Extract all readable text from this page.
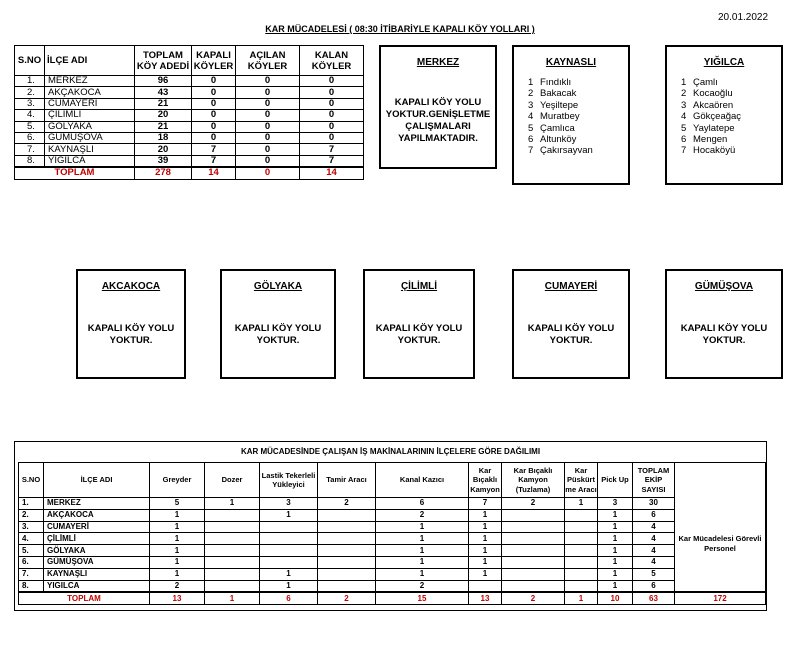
20.01.2022
KAR MÜCADELESİ ( 08:30 İTİBARİYLE KAPALI KÖY YOLLARI )
S.NO	İLÇE ADI	TOPLAM KÖY ADEDİ	KAPALI KÖYLER	AÇILAN KÖYLER	KALAN KÖYLER
1.	MERKEZ	96	0	0	0
2.	AKÇAKOCA	43	0	0	0
3.	CUMAYERİ	21	0	0	0
4.	ÇİLİMLİ	20	0	0	0
5.	GÖLYAKA	21	0	0	0
6.	GÜMÜŞOVA	18	0	0	0
7.	KAYNAŞLI	20	7	0	7
8.	YIGILCA	39	7	0	7
TOPLAM		278	14	0	14
MERKEZ
KAPALI KÖY YOLU YOKTUR.GENİŞLETME ÇALIŞMALARI YAPILMAKTADIR.
KAYNASLI
1 Fındıklı
2 Bakacak
3 Yeşiltepe
4 Muratbey
5 Çamlıca
6 Altunköy
7 Çakırsayvan
YIĞILCA
1 Çamlı
2 Kocaoğlu
3 Akcaören
4 Gökçeağaç
5 Yaylatepe
6 Mengen
7 Hocaköyü
AKCAKOCA
KAPALI KÖY YOLU YOKTUR.
GÖLYAKA
KAPALI KÖY YOLU YOKTUR.
ÇİLİMLİ
KAPALI KÖY YOLU YOKTUR.
CUMAYERİ
KAPALI KÖY YOLU YOKTUR.
GÜMÜŞOVA
KAPALI KÖY YOLU YOKTUR.
KAR MÜCADESİNDE ÇALIŞAN İŞ MAKİNALARININ İLÇELERE GÖRE DAĞILIMI
S.NO	İLÇE ADI	Greyder	Dozer	Lastik Tekerleli Yükleyici	Tamir Aracı	Kanal Kazıcı	Kar Bıçaklı Kamyon	Kar Bıçaklı Kamyon (Tuzlama)	Kar Püskürt me Aracı	Pick Up	TOPLAM EKİP SAYISI	
1.	MERKEZ	5	1	3	2	6	7	2	1	3	30	Kar Mücadelesi Görevli Personel
2.	AKÇAKOCA	1		1		2	1			1	6	
3.	CUMAYERİ	1				1	1			1	4	
4.	ÇİLİMLİ	1				1	1			1	4	
5.	GÖLYAKA	1				1	1			1	4	
6.	GÜMÜŞOVA	1				1	1			1	4	
7.	KAYNAŞLI	1		1		1	1			1	5	
8.	YIGILCA	2		1		2				1	6	
TOPLAM		13	1	6	2	15	13	2	1	10	63	172
